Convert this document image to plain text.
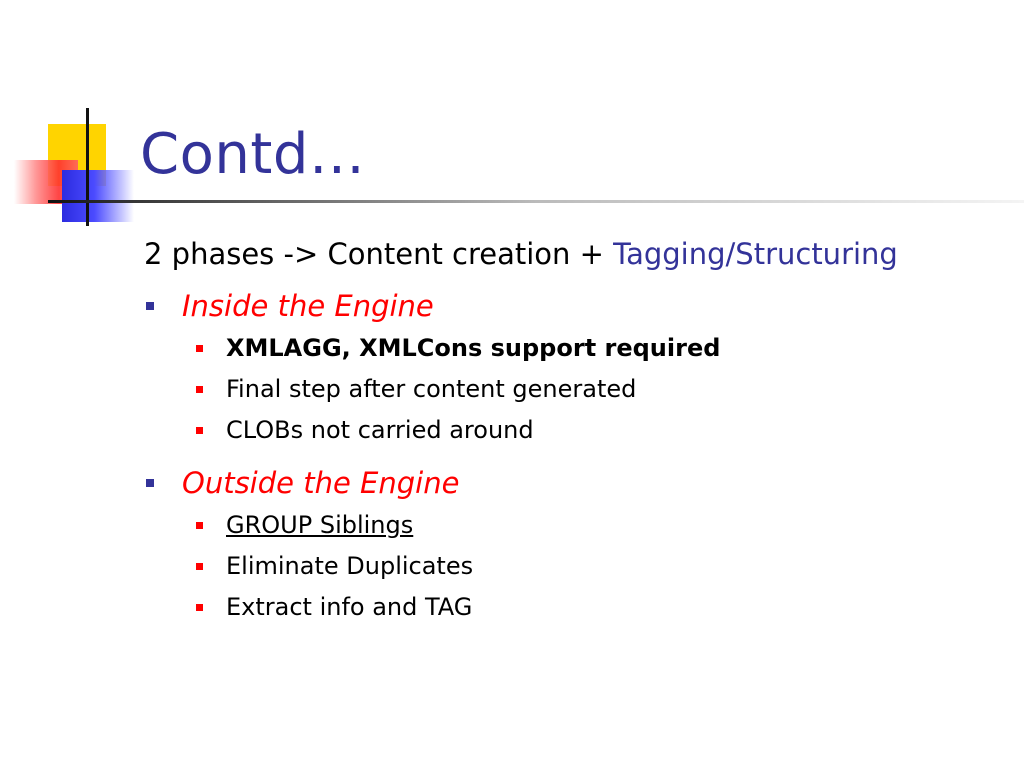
Contd…
2 phases -> Content creation + Tagging/Structuring
Inside the Engine
XMLAGG, XMLCons support required
Final step after content generated
CLOBs not carried around
Outside the Engine
GROUP Siblings
Eliminate Duplicates
Extract info and TAG
